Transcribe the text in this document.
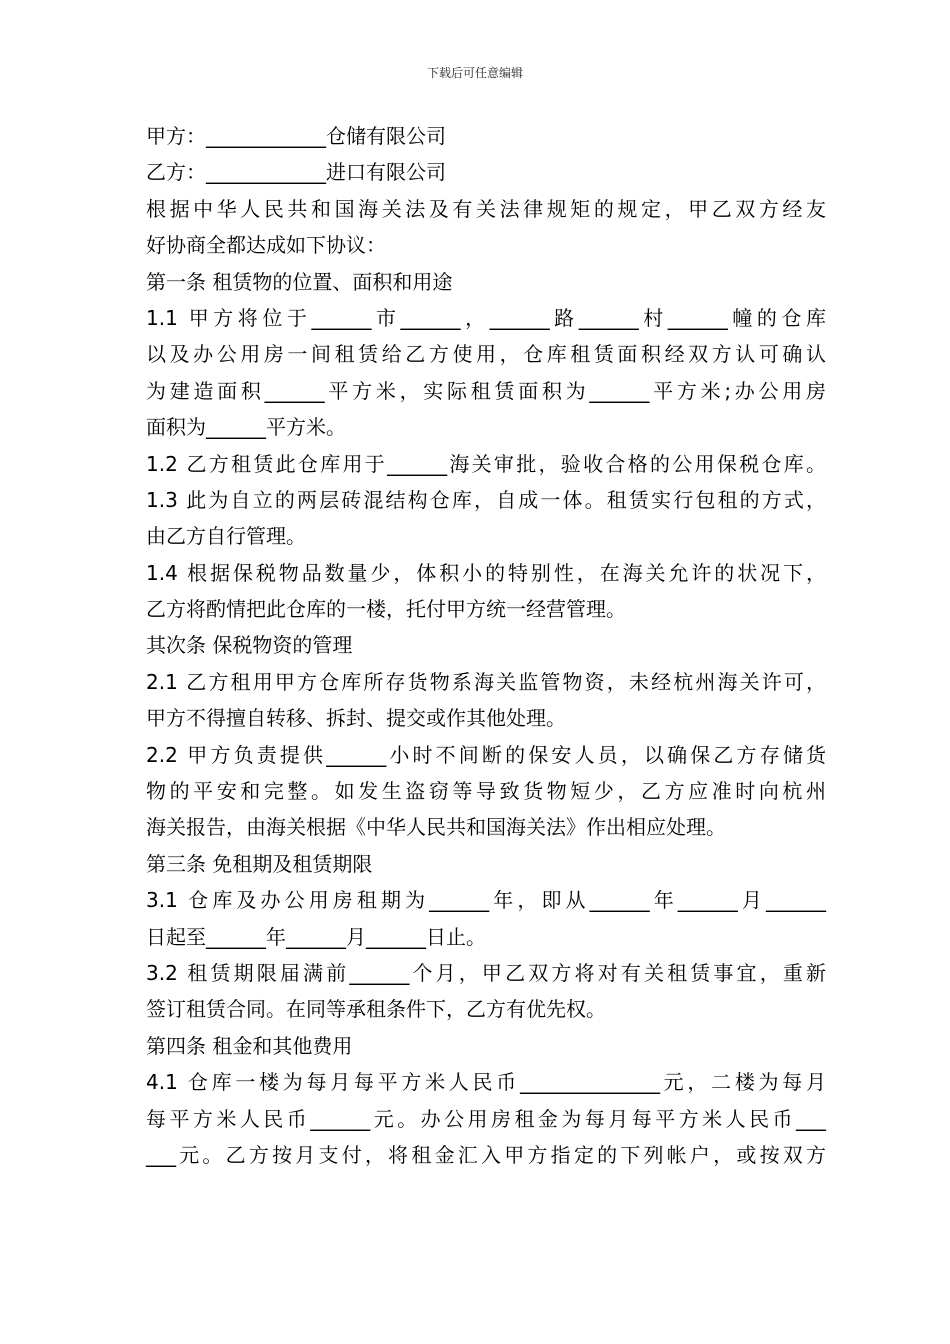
下载后可任意编辑
甲方：____________仓储有限公司
乙方：____________进口有限公司
根据中华人民共和国海关法及有关法律规矩的规定，甲乙双方经友
好协商全都达成如下协议：
第一条 租赁物的位置、面积和用途
1.1 甲方将位于______市______，______路______村______幢的仓库
以及办公用房一间租赁给乙方使用，仓库租赁面积经双方认可确认
为建造面积______平方米，实际租赁面积为______平方米;办公用房
面积为______平方米。
1.2 乙方租赁此仓库用于______海关审批，验收合格的公用保税仓库。
1.3 此为自立的两层砖混结构仓库，自成一体。租赁实行包租的方式，
由乙方自行管理。
1.4 根据保税物品数量少，体积小的特别性，在海关允许的状况下，
乙方将酌情把此仓库的一楼，托付甲方统一经营管理。
其次条 保税物资的管理
2.1 乙方租用甲方仓库所存货物系海关监管物资，未经杭州海关许可，
甲方不得擅自转移、拆封、提交或作其他处理。
2.2 甲方负责提供______小时不间断的保安人员，以确保乙方存储货
物的平安和完整。如发生盗窃等导致货物短少，乙方应准时向杭州
海关报告，由海关根据《中华人民共和国海关法》作出相应处理。
第三条 免租期及租赁期限
3.1 仓库及办公用房租期为______年，即从______年______月______
日起至______年______月______日止。
3.2 租赁期限届满前______个月，甲乙双方将对有关租赁事宜，重新
签订租赁合同。在同等承租条件下，乙方有优先权。
第四条 租金和其他费用
4.1 仓库一楼为每月每平方米人民币______________元，二楼为每月
每平方米人民币______元。办公用房租金为每月每平方米人民币___
___元。乙方按月支付，将租金汇入甲方指定的下列帐户，或按双方
